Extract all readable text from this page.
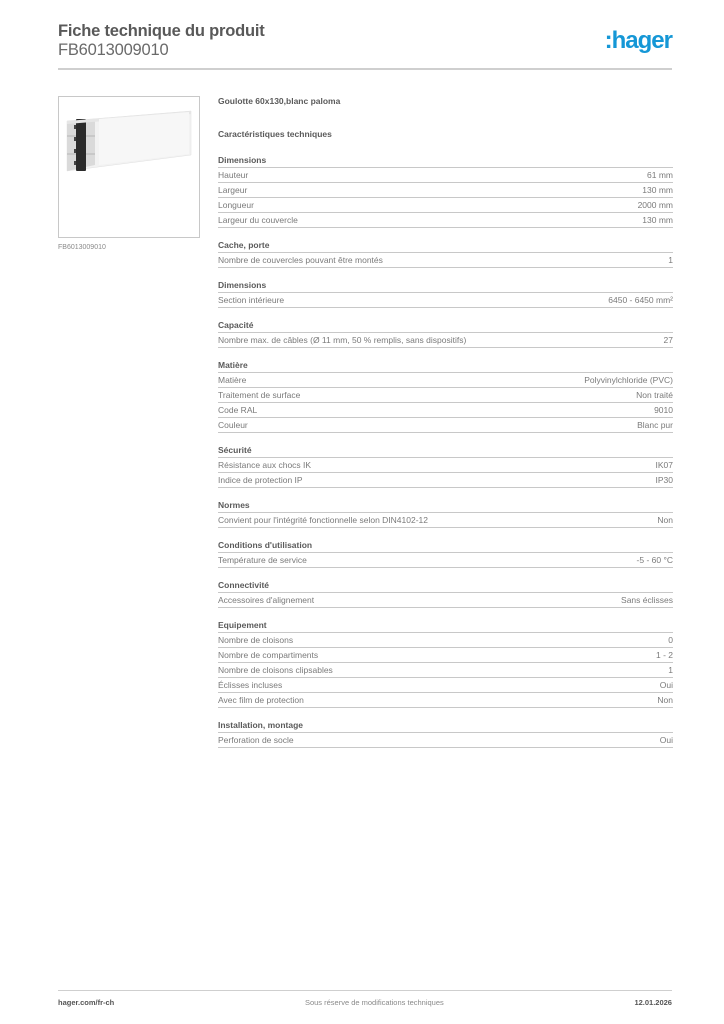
Fiche technique du produit
FB6013009010	:hager
FB6013009010
Goulotte 60x130,blanc paloma
Caractéristiques techniques
Dimensions
Hauteur	61 mm
Largeur	130 mm
Longueur	2000 mm
Largeur du couvercle	130 mm
Cache, porte
Nombre de couvercles pouvant être montés	1
Dimensions
Section intérieure	6450 - 6450 mm²
Capacité
Nombre max. de câbles (Ø 11 mm, 50 % remplis, sans dispositifs)	27
Matière
Matière	Polyvinylchloride (PVC)
Traitement de surface	Non traité
Code RAL	9010
Couleur	Blanc pur
Sécurité
Résistance aux chocs IK	IK07
Indice de protection IP	IP30
Normes
Convient pour l'intégrité fonctionnelle selon DIN4102-12	Non
Conditions d'utilisation
Température de service	-5 - 60 °C
Connectivité
Accessoires d'alignement	Sans éclisses
Equipement
Nombre de cloisons	0
Nombre de compartiments	1 - 2
Nombre de cloisons clipsables	1
Éclisses incluses	Oui
Avec film de protection	Non
Installation, montage
Perforation de socle	Oui
hager.com/fr-ch	Sous réserve de modifications techniques	12.01.2026
